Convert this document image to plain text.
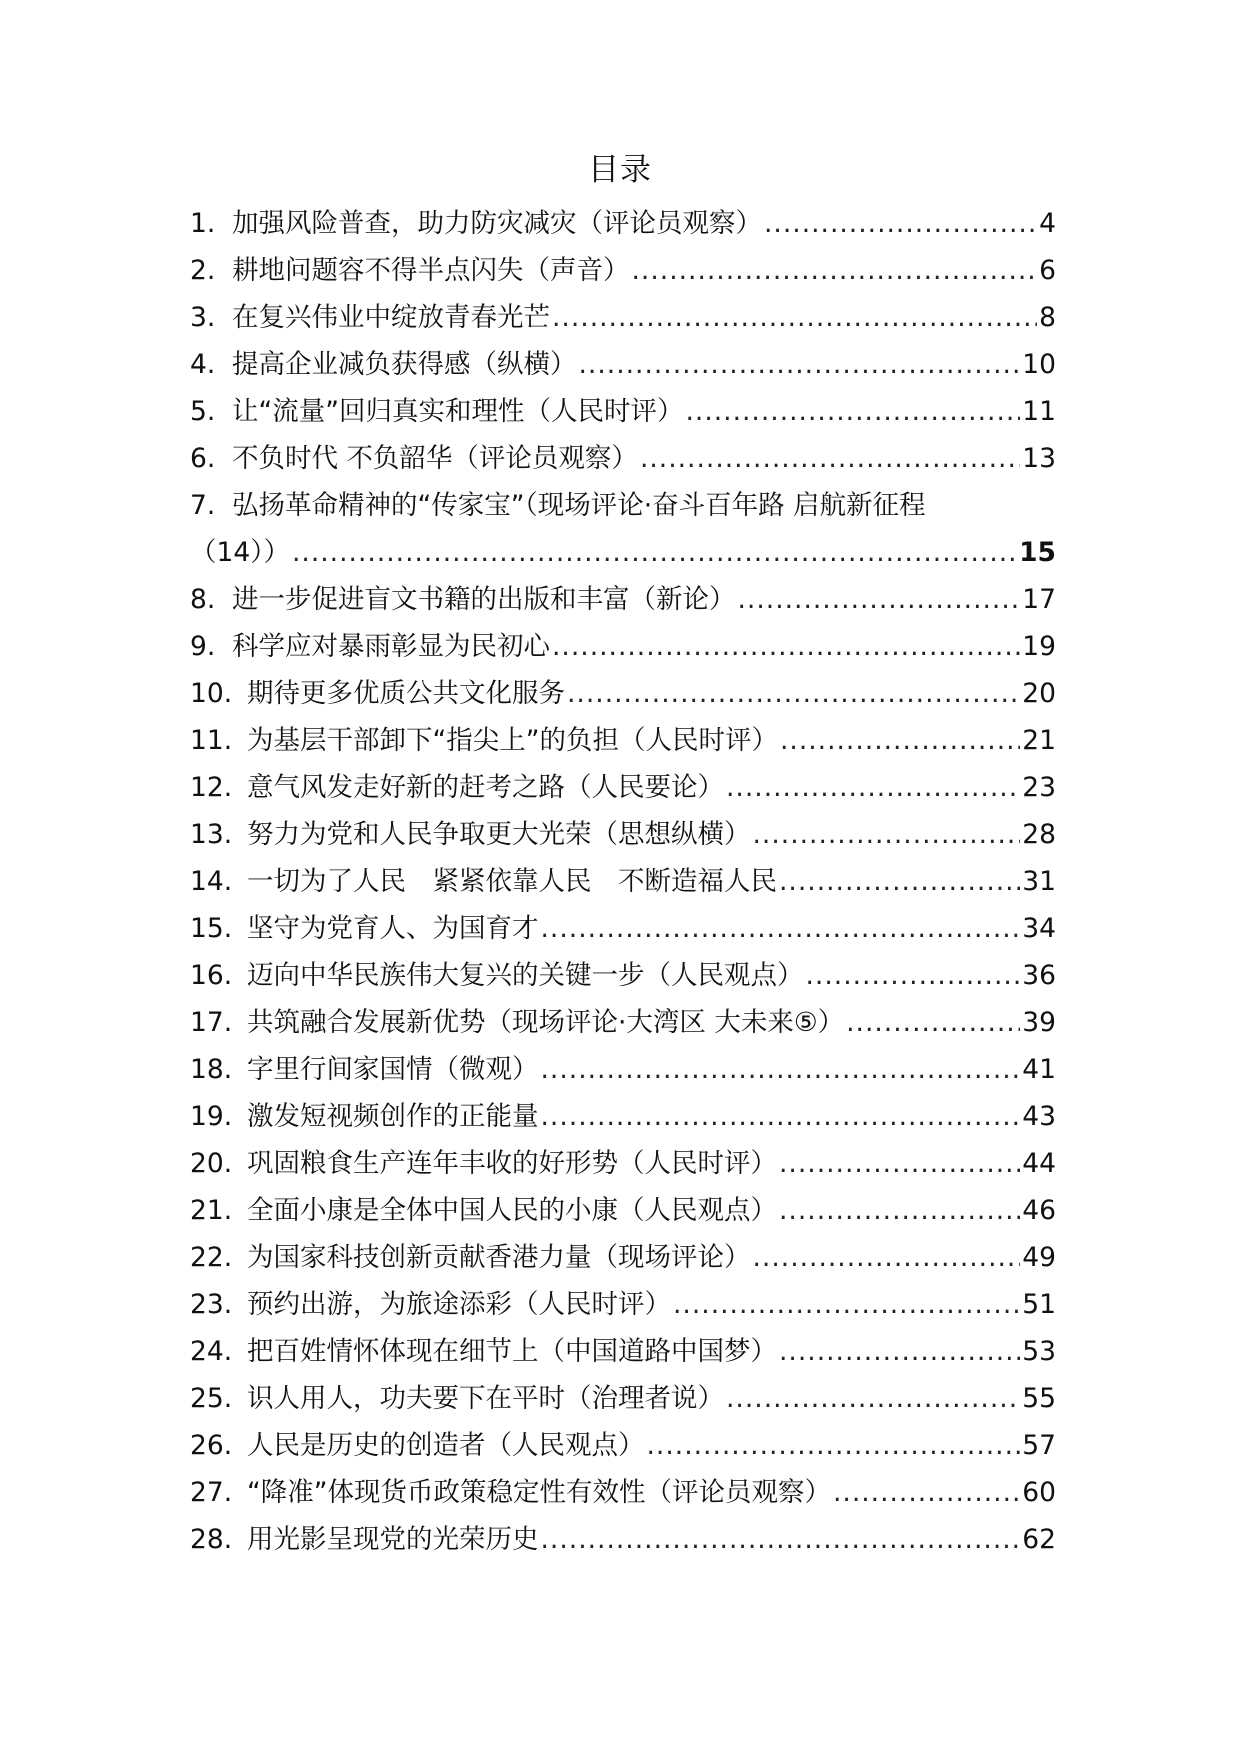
目录
1. 加强风险普查，助力防灾减灾（评论员观察） .....	4
2. 耕地问题容不得半点闪失（声音） .....	6
3. 在复兴伟业中绽放青春光芒 .....	8
4. 提高企业减负获得感（纵横） .....	10
5. 让“流量”回归真实和理性（人民时评） .....	11
6. 不负时代 不负韶华（评论员观察） .....	13
7. 弘扬革命精神的“传家宝”（现场评论·奋斗百年路 启航新征程
（14）） .....	15
8. 进一步促进盲文书籍的出版和丰富（新论） .....	17
9. 科学应对暴雨彰显为民初心 .....	19
10. 期待更多优质公共文化服务 .....	20
11. 为基层干部卸下“指尖上”的负担（人民时评） .....	21
12. 意气风发走好新的赶考之路（人民要论） .....	23
13. 努力为党和人民争取更大光荣（思想纵横） .....	28
14. 一切为了人民　紧紧依靠人民　不断造福人民 .....	31
15. 坚守为党育人、为国育才 .....	34
16. 迈向中华民族伟大复兴的关键一步（人民观点） .....	36
17. 共筑融合发展新优势（现场评论·大湾区 大未来⑤） .....	39
18. 字里行间家国情（微观） .....	41
19. 激发短视频创作的正能量 .....	43
20. 巩固粮食生产连年丰收的好形势（人民时评） .....	44
21. 全面小康是全体中国人民的小康（人民观点） .....	46
22. 为国家科技创新贡献香港力量（现场评论） .....	49
23. 预约出游，为旅途添彩（人民时评） .....	51
24. 把百姓情怀体现在细节上（中国道路中国梦） .....	53
25. 识人用人，功夫要下在平时（治理者说） .....	55
26. 人民是历史的创造者（人民观点） .....	57
27. “降准”体现货币政策稳定性有效性（评论员观察） .....	60
28. 用光影呈现党的光荣历史 .....	62
